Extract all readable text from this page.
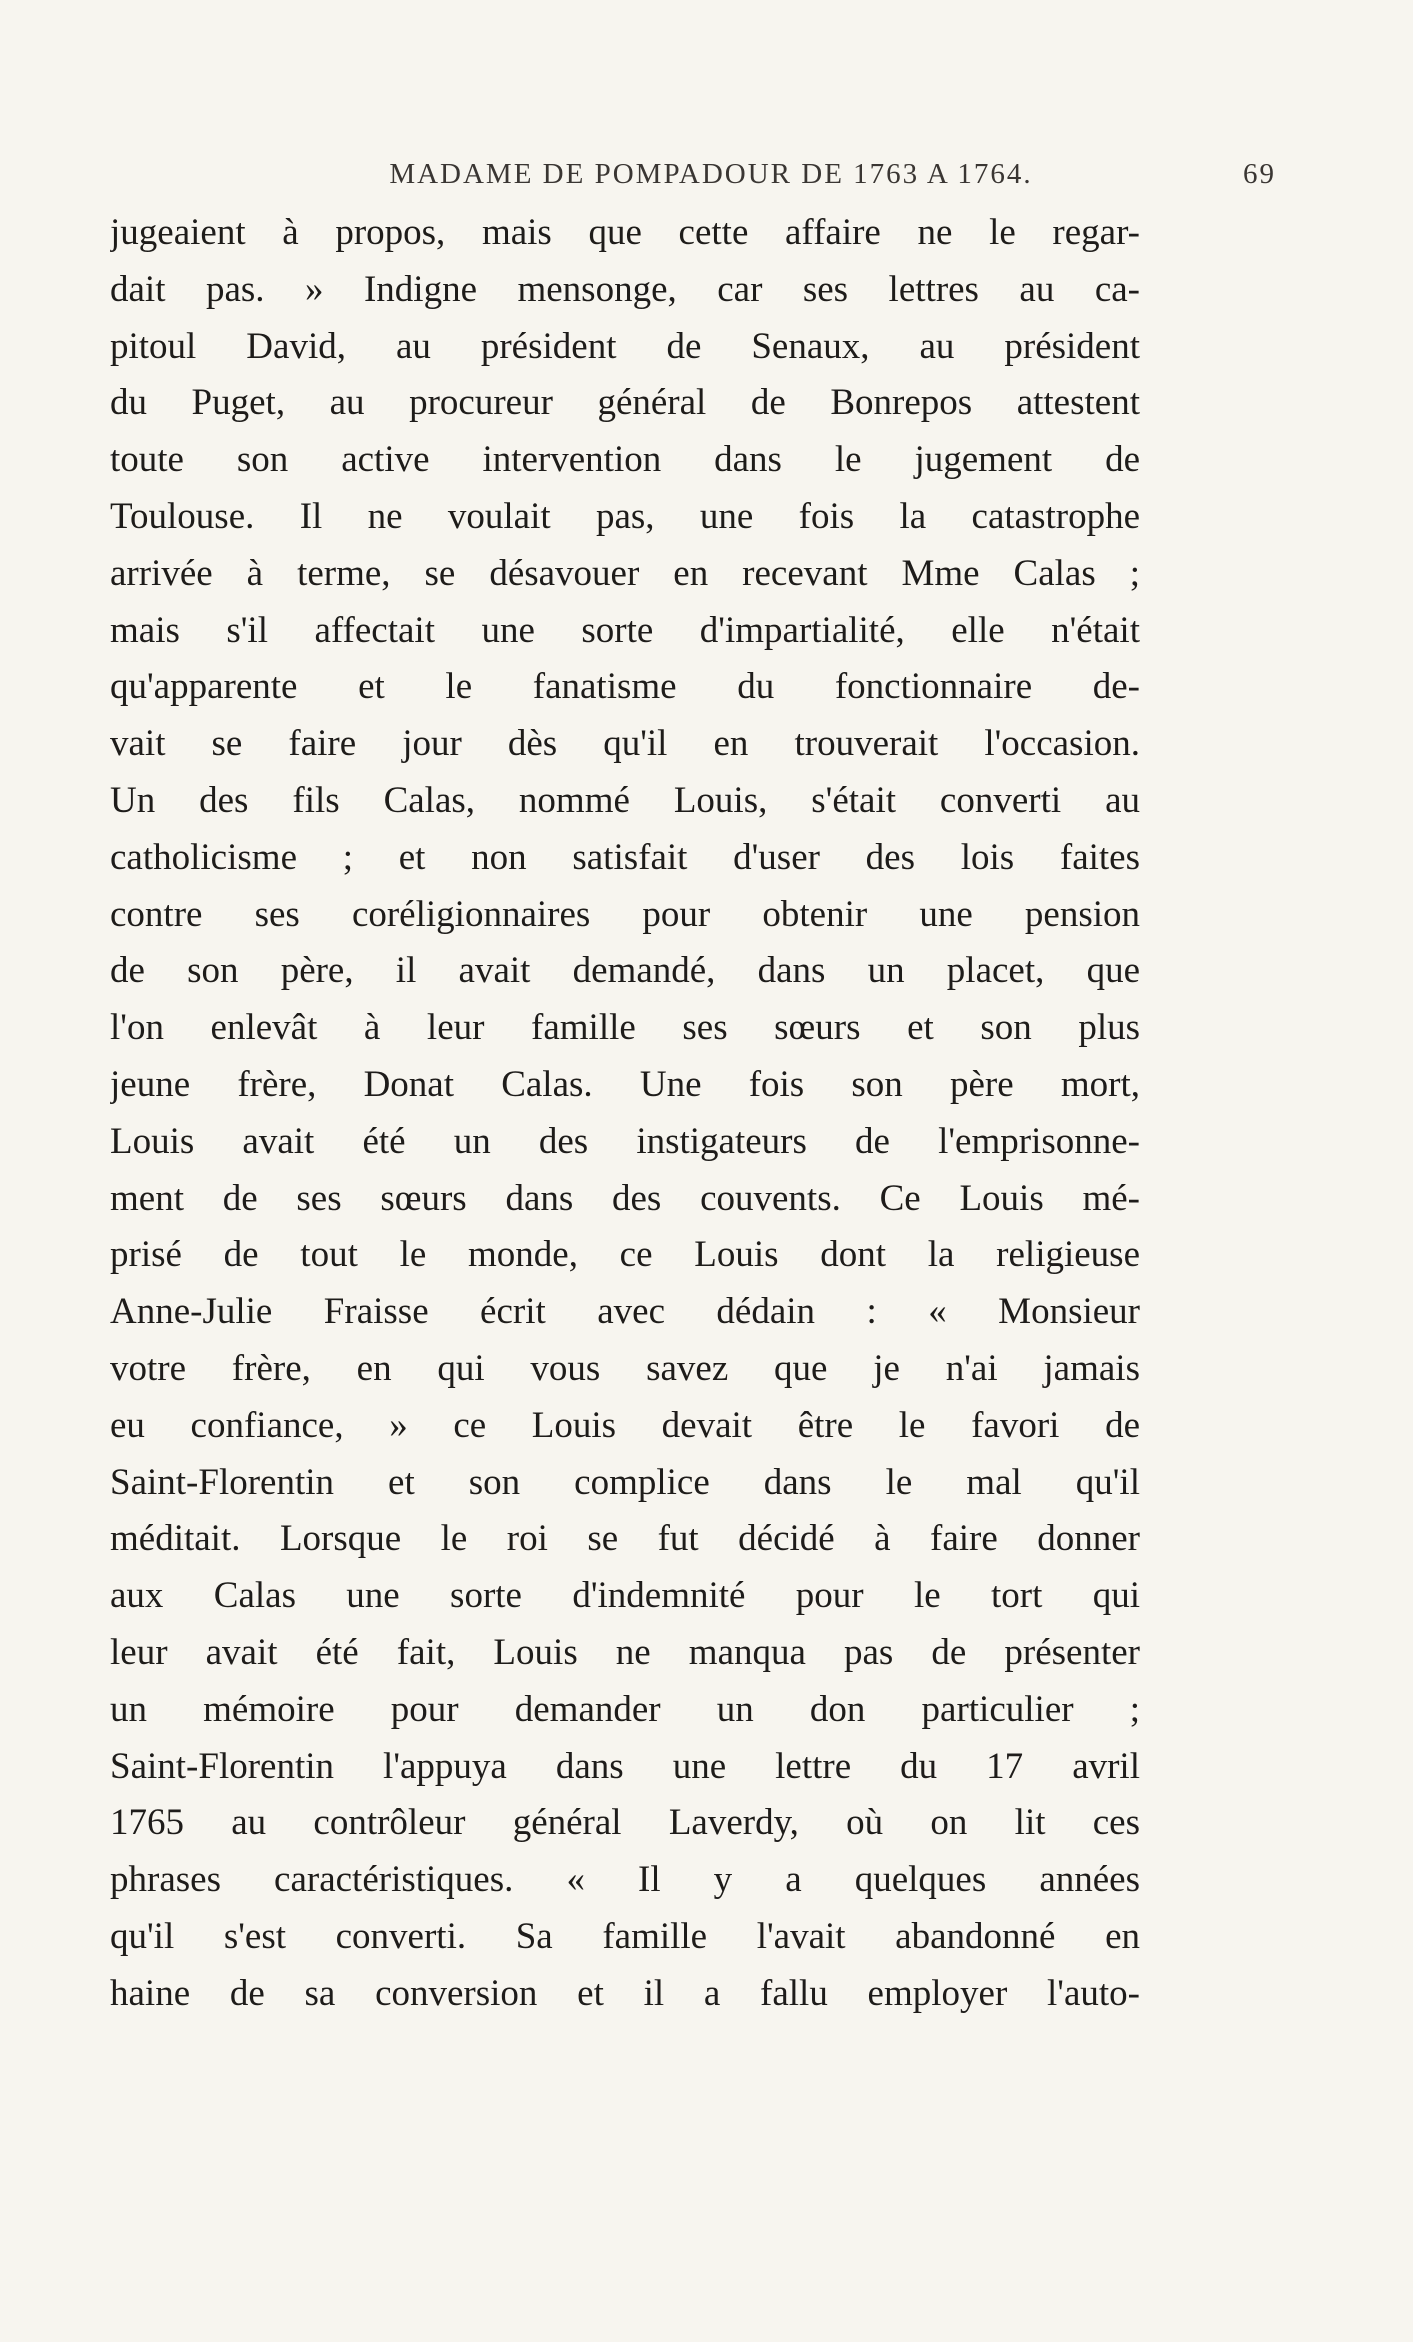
MADAME DE POMPADOUR DE 1763 A 1764.	69
jugeaient à propos, mais que cette affaire ne le regar-
dait pas. » Indigne mensonge, car ses lettres au ca-
pitoul David, au président de Senaux, au président
du Puget, au procureur général de Bonrepos attestent
toute son active intervention dans le jugement de
Toulouse. Il ne voulait pas, une fois la catastrophe
arrivée à terme, se désavouer en recevant Mme Calas ;
mais s'il affectait une sorte d'impartialité, elle n'était
qu'apparente et le fanatisme du fonctionnaire de-
vait se faire jour dès qu'il en trouverait l'occasion.
Un des fils Calas, nommé Louis, s'était converti au
catholicisme ; et non satisfait d'user des lois faites
contre ses coréligionnaires pour obtenir une pension
de son père, il avait demandé, dans un placet, que
l'on enlevât à leur famille ses sœurs et son plus
jeune frère, Donat Calas. Une fois son père mort,
Louis avait été un des instigateurs de l'emprisonne-
ment de ses sœurs dans des couvents. Ce Louis mé-
prisé de tout le monde, ce Louis dont la religieuse
Anne-Julie Fraisse écrit avec dédain : « Monsieur
votre frère, en qui vous savez que je n'ai jamais
eu confiance, » ce Louis devait être le favori de
Saint-Florentin et son complice dans le mal qu'il
méditait. Lorsque le roi se fut décidé à faire donner
aux Calas une sorte d'indemnité pour le tort qui
leur avait été fait, Louis ne manqua pas de présenter
un mémoire pour demander un don particulier ;
Saint-Florentin l'appuya dans une lettre du 17 avril
1765 au contrôleur général Laverdy, où on lit ces
phrases caractéristiques. « Il y a quelques années
qu'il s'est converti. Sa famille l'avait abandonné en
haine de sa conversion et il a fallu employer l'auto-
